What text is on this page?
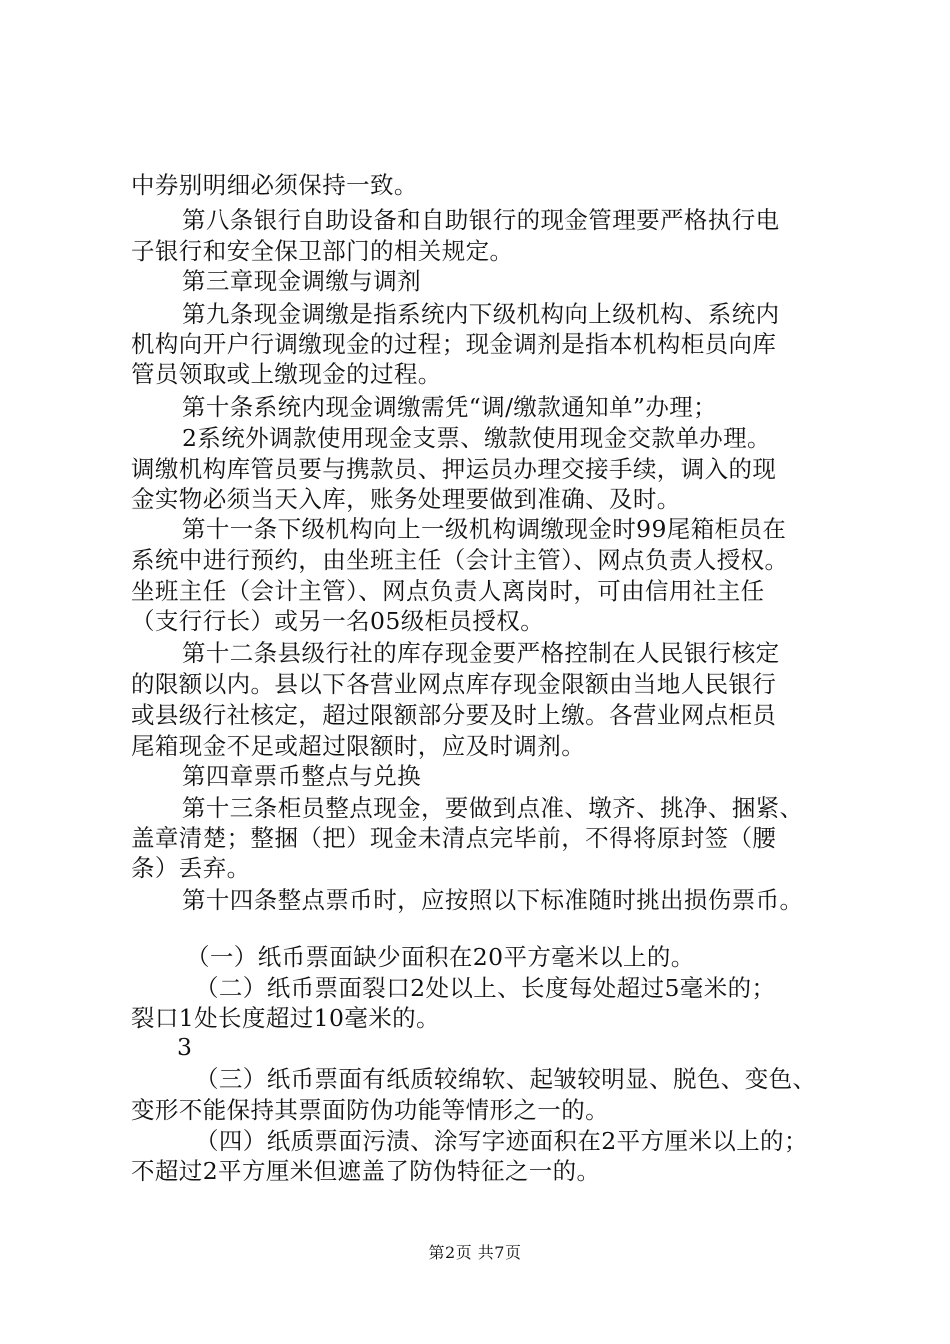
中券别明细必须保持一致。
第八条银行自助设备和自助银行的现金管理要严格执行电
子银行和安全保卫部门的相关规定。
第三章现金调缴与调剂
第九条现金调缴是指系统内下级机构向上级机构、系统内
机构向开户行调缴现金的过程；现金调剂是指本机构柜员向库
管员领取或上缴现金的过程。
第十条系统内现金调缴需凭“调/缴款通知单”办理；
2系统外调款使用现金支票、缴款使用现金交款单办理。
调缴机构库管员要与携款员、押运员办理交接手续，调入的现
金实物必须当天入库，账务处理要做到准确、及时。
第十一条下级机构向上一级机构调缴现金时99尾箱柜员在
系统中进行预约，由坐班主任（会计主管）、网点负责人授权。
坐班主任（会计主管）、网点负责人离岗时，可由信用社主任
（支行行长）或另一名05级柜员授权。
第十二条县级行社的库存现金要严格控制在人民银行核定
的限额以内。县以下各营业网点库存现金限额由当地人民银行
或县级行社核定，超过限额部分要及时上缴。各营业网点柜员
尾箱现金不足或超过限额时，应及时调剂。
第四章票币整点与兑换
第十三条柜员整点现金，要做到点准、墩齐、挑净、捆紧、
盖章清楚；整捆（把）现金未清点完毕前，不得将原封签（腰
条）丢弃。
第十四条整点票币时，应按照以下标准随时挑出损伤票币。
（一）纸币票面缺少面积在20平方毫米以上的。
（二）纸币票面裂口2处以上、长度每处超过5毫米的；
裂口1处长度超过10毫米的。
3
（三）纸币票面有纸质较绵软、起皱较明显、脱色、变色、
变形不能保持其票面防伪功能等情形之一的。
（四）纸质票面污渍、涂写字迹面积在2平方厘米以上的；
不超过2平方厘米但遮盖了防伪特征之一的。
第2页 共7页
